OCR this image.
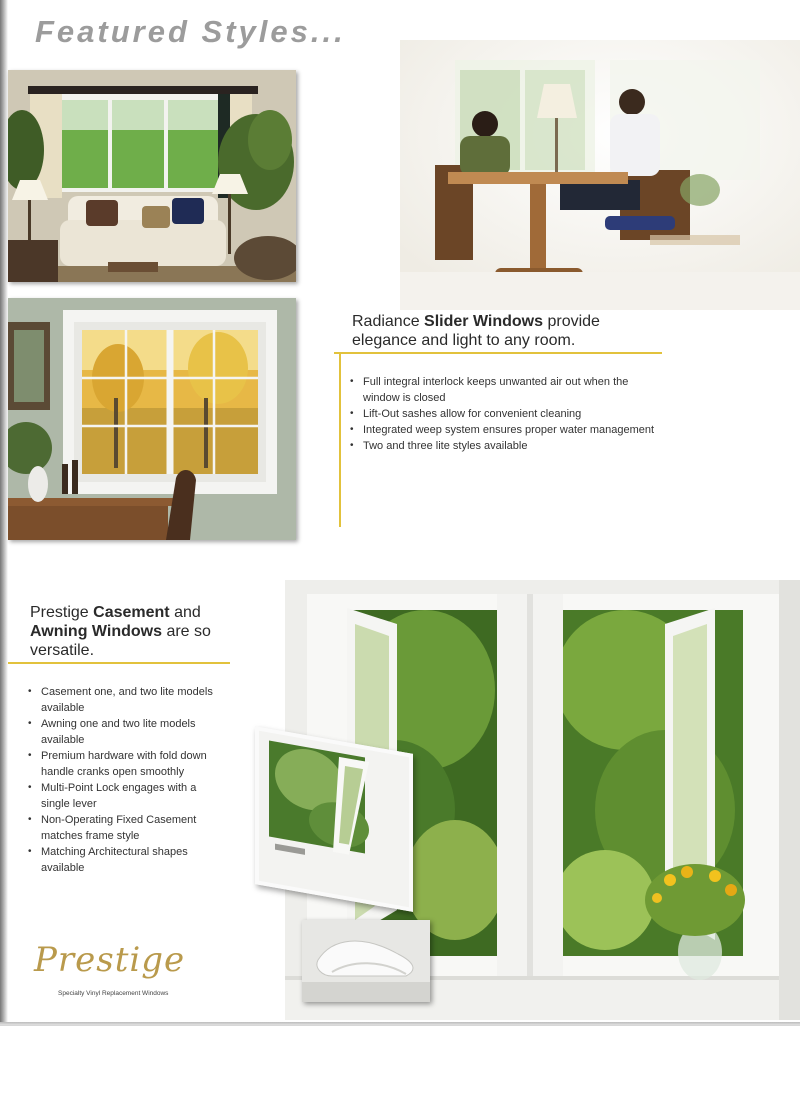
Featured Styles...
Radiance Slider Windows provide elegance and light to any room.
• Full integral interlock keeps unwanted air out when the window is closed
• Lift-Out sashes allow for convenient cleaning
• Integrated weep system ensures proper water management
• Two and three lite styles available
Prestige Casement and Awning Windows are so versatile.
• Casement one, and two lite models available
• Awning one and two lite models available
• Premium hardware with fold down handle cranks open smoothly
• Multi-Point Lock engages with a single lever
• Non-Operating Fixed Casement matches frame style
• Matching Architectural shapes available
Prestige
Specialty Vinyl Replacement Windows
